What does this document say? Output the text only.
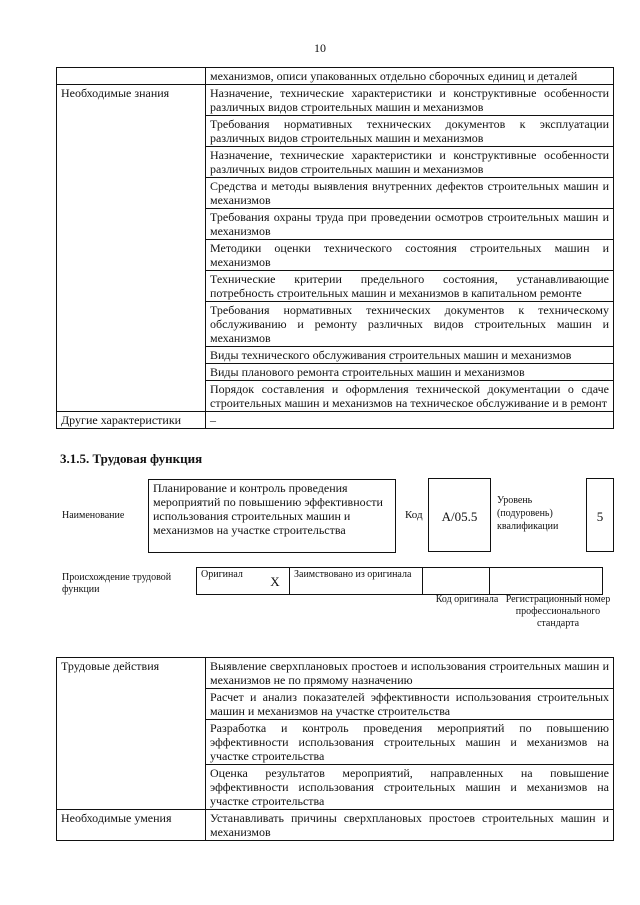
10
	механизмов, описи упакованных отдельно сборочных единиц и деталей
Необходимые знания	Назначение, технические характеристики и конструктивные особенности различных видов строительных машин и механизмов
	Требования нормативных технических документов к эксплуатации различных видов строительных машин и механизмов
	Назначение, технические характеристики и конструктивные особенности различных видов строительных машин и механизмов
	Средства и методы выявления внутренних дефектов строительных машин и механизмов
	Требования охраны труда при проведении осмотров строительных машин и механизмов
	Методики оценки технического состояния строительных машин и механизмов
	Технические критерии предельного состояния, устанавливающие потребность строительных машин и механизмов в капитальном ремонте
	Требования нормативных технических документов к техническому обслуживанию и ремонту различных видов строительных машин и механизмов
	Виды технического обслуживания строительных машин и механизмов
	Виды планового ремонта строительных машин и механизмов
	Порядок составления и оформления технической документации о сдаче строительных машин и механизмов на техническое обслуживание и в ремонт
Другие характеристики	–
3.1.5. Трудовая функция
Наименование
Планирование и контроль проведения мероприятий по повышению эффективности использования строительных машин и механизмов на участке строительства
Код	А/05.5
Уровень (подуровень) квалификации
5
Происхождение трудовой функции
Оригинал	X	Заимствовано из оригинала		
Код оригинала Регистрационный номер профессионального стандарта
Трудовые действия	Выявление сверхплановых простоев и использования строительных машин и механизмов не по прямому назначению
	Расчет и анализ показателей эффективности использования строительных машин и механизмов на участке строительства
	Разработка и контроль проведения мероприятий по повышению эффективности использования строительных машин и механизмов на участке строительства
	Оценка результатов мероприятий, направленных на повышение эффективности использования строительных машин и механизмов на участке строительства
Необходимые умения	Устанавливать причины сверхплановых простоев строительных машин и механизмов
